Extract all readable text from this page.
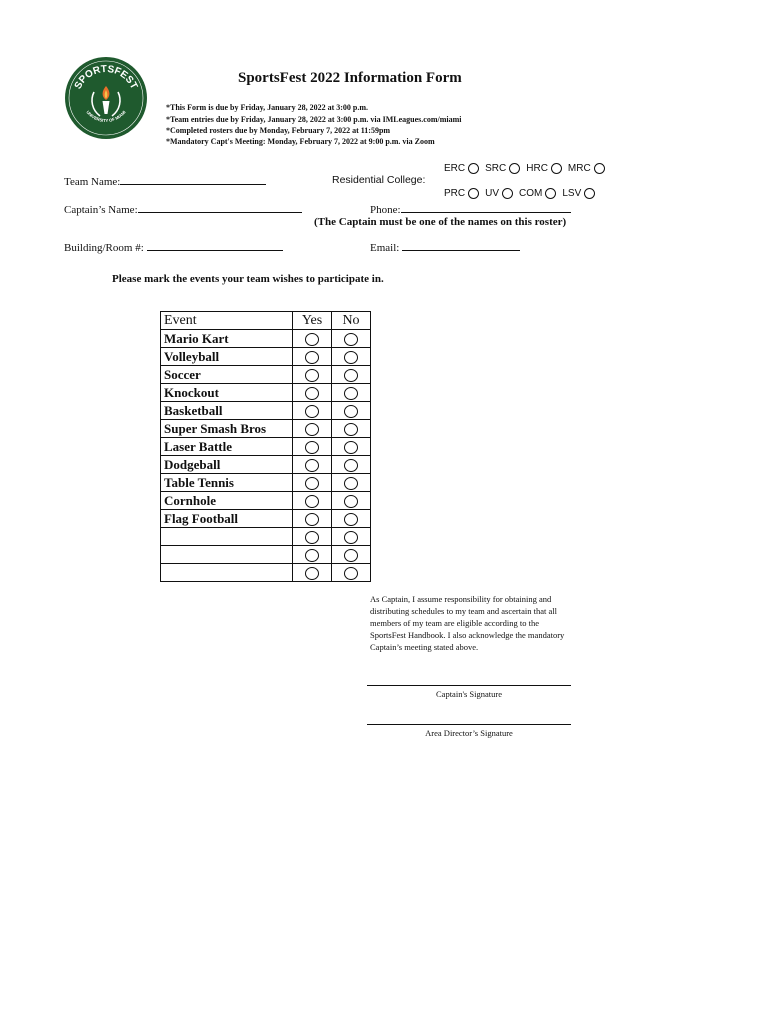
SPORTSFEST
UNIVERSITY OF MIAMI
SportsFest 2022 Information Form
*This Form is due by Friday, January 28, 2022 at 3:00 p.m.
*Team entries due by Friday, January 28, 2022 at 3:00 p.m. via IMLeagues.com/miami
*Completed rosters due by Monday, February 7, 2022 at 11:59pm
*Mandatory Capt's Meeting: Monday, February 7, 2022 at 9:00 p.m. via Zoom
Team Name:	Residential College:
ERC SRC HRC MRC
PRC UV COM LSV
Captain’s Name:	Phone:
(The Captain must be one of the names on this roster)
Building/Room #:	Email:
Please mark the events your team wishes to participate in.
Event	Yes	No
Mario Kart		
Volleyball		
Soccer		
Knockout		
Basketball		
Super Smash Bros		
Laser Battle		
Dodgeball		
Table Tennis		
Cornhole		
Flag Football		

As Captain, I assume responsibility for obtaining and distributing schedules to my team and ascertain that all members of my team are eligible according to the SportsFest Handbook. I also acknowledge the mandatory Captain’s meeting stated above.
Captain's Signature
Area Director’s Signature
